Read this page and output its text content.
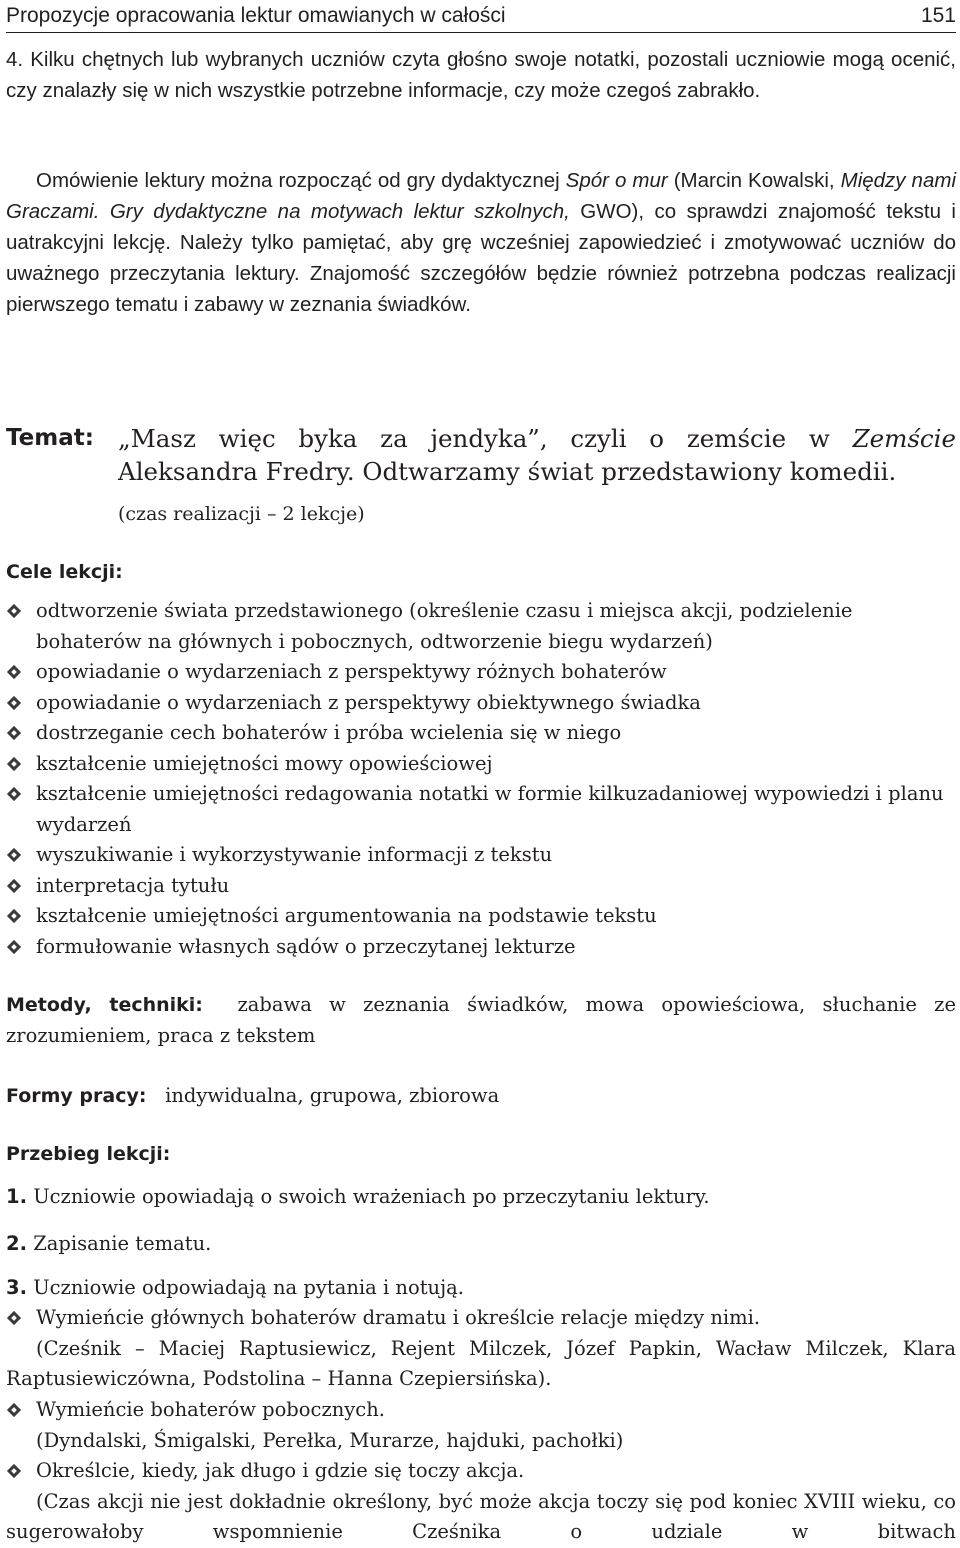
Propozycje opracowania lektur omawianych w całości	151
4. Kilku chętnych lub wybranych uczniów czyta głośno swoje notatki, pozostali uczniowie mogą ocenić, czy znalazły się w nich wszystkie potrzebne informacje, czy może czegoś zabrakło.
Omówienie lektury można rozpocząć od gry dydaktycznej Spór o mur (Marcin Kowalski, Między nami Graczami. Gry dydaktyczne na motywach lektur szkolnych, GWO), co sprawdzi znajomość tekstu i uatrakcyjni lekcję. Należy tylko pamiętać, aby grę wcześniej zapowiedzieć i zmotywować uczniów do uważnego przeczytania lektury. Znajomość szczegółów będzie również potrzebna podczas realizacji pierwszego tematu i zabawy w zeznania świadków.
Temat: „Masz więc byka za jendyka”, czyli o zemście w Zemście Aleksandra Fredry. Odtwarzamy świat przedstawiony komedii.
(czas realizacji – 2 lekcje)
Cele lekcji:
odtworzenie świata przedstawionego (określenie czasu i miejsca akcji, podzielenie bohaterów na głównych i pobocznych, odtworzenie biegu wydarzeń)
opowiadanie o wydarzeniach z perspektywy różnych bohaterów
opowiadanie o wydarzeniach z perspektywy obiektywnego świadka
dostrzeganie cech bohaterów i próba wcielenia się w niego
kształcenie umiejętności mowy opowieściowej
kształcenie umiejętności redagowania notatki w formie kilkuzadaniowej wypowiedzi i planu wydarzeń
wyszukiwanie i wykorzystywanie informacji z tekstu
interpretacja tytułu
kształcenie umiejętności argumentowania na podstawie tekstu
formułowanie własnych sądów o przeczytanej lekturze
Metody, techniki: zabawa w zeznania świadków, mowa opowieściowa, słuchanie ze zrozumieniem, praca z tekstem
Formy pracy: indywidualna, grupowa, zbiorowa
Przebieg lekcji:
1. Uczniowie opowiadają o swoich wrażeniach po przeczytaniu lektury.
2. Zapisanie tematu.
3. Uczniowie odpowiadają na pytania i notują.
Wymieńcie głównych bohaterów dramatu i określcie relacje między nimi.
(Cześnik – Maciej Raptusiewicz, Rejent Milczek, Józef Papkin, Wacław Milczek, Klara Raptusiewiczówna, Podstolina – Hanna Czepiersińska).
Wymieńcie bohaterów pobocznych.
(Dyndalski, Śmigalski, Perełka, Murarze, hajduki, pachołki)
Określcie, kiedy, jak długo i gdzie się toczy akcja.
(Czas akcji nie jest dokładnie określony, być może akcja toczy się pod koniec XVIII wieku, co sugerowałoby wspomnienie Cześnika o udziale w bitwach
